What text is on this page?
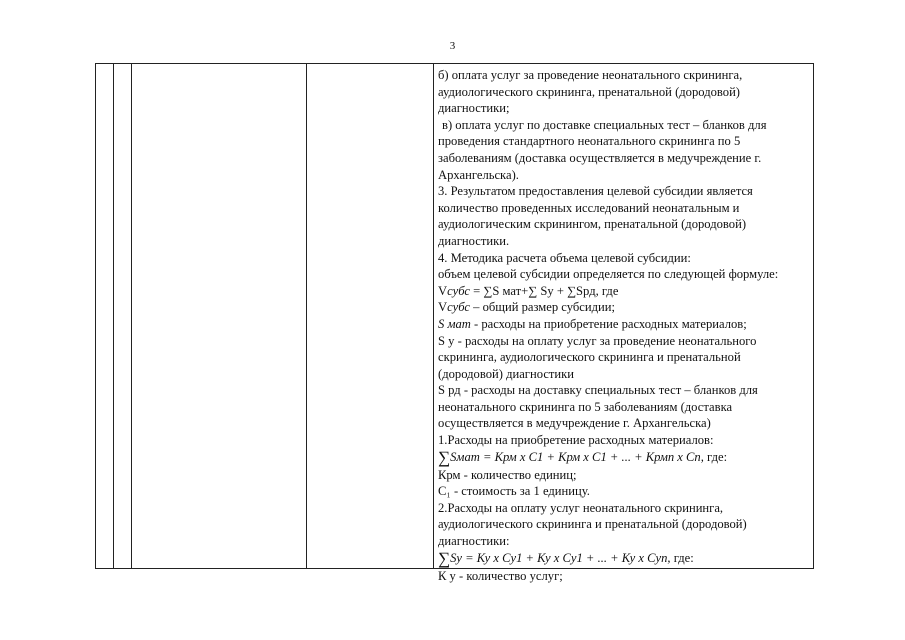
3
б) оплата услуг за проведение неонатального скрининга,
аудиологического скрининга, пренатальной (дородовой)
диагностики;
в) оплата услуг по доставке специальных тест – бланков для
проведения стандартного неонатального скрининга по 5
заболеваниям (доставка осуществляется в медучреждение г.
Архангельска).
3. Результатом предоставления целевой субсидии является
количество проведенных исследований неонатальным и
аудиологическим скринингом, пренатальной (дородовой)
диагностики.
4. Методика расчета объема целевой субсидии:
объем целевой субсидии определяется по следующей формуле:
Vсубс = ∑S мат+∑ Sу + ∑Sрд, где
Vсубс – общий размер субсидии;
S мат - расходы на приобретение расходных материалов;
S у - расходы на оплату услуг за проведение неонатального
скрининга, аудиологического скрининга и пренатальной
(дородовой) диагностики
S рд - расходы на доставку специальных тест – бланков для
неонатального скрининга по 5 заболеваниям (доставка
осуществляется в медучреждение г. Архангельска)
1.Расходы на приобретение расходных материалов:
∑Sмат = Крм х С1 + Крм х С1 + ... + Крмп х Сп, где:
Крм - количество единиц;
С₁ - стоимость за 1 единицу.
2.Расходы на оплату услуг неонатального скрининга,
аудиологического скрининга и пренатальной (дородовой)
диагностики:
∑Sу = Ку х Су1 + Ку х Су1 + ... + Ку х Суп, где:
К у - количество услуг;
